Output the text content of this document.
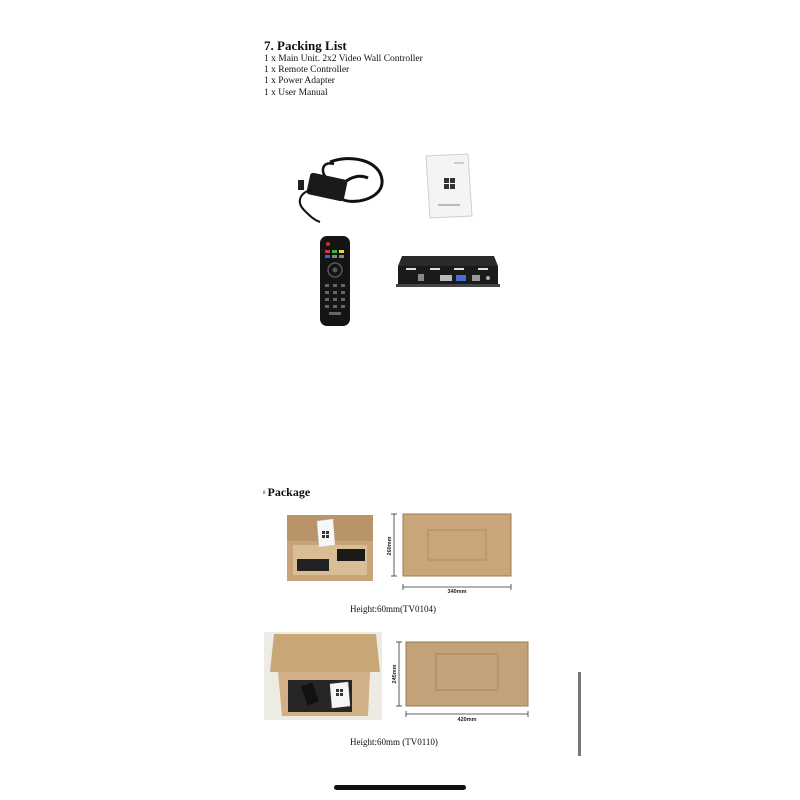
7. Packing List
1 x Main Unit. 2x2 Video Wall Controller
1 x Remote Controller
1 x Power Adapter
1 x User Manual
8 Package
260mm
340mm
Height:60mm(TV0104)
245mm
420mm
Height:60mm (TV0110)
